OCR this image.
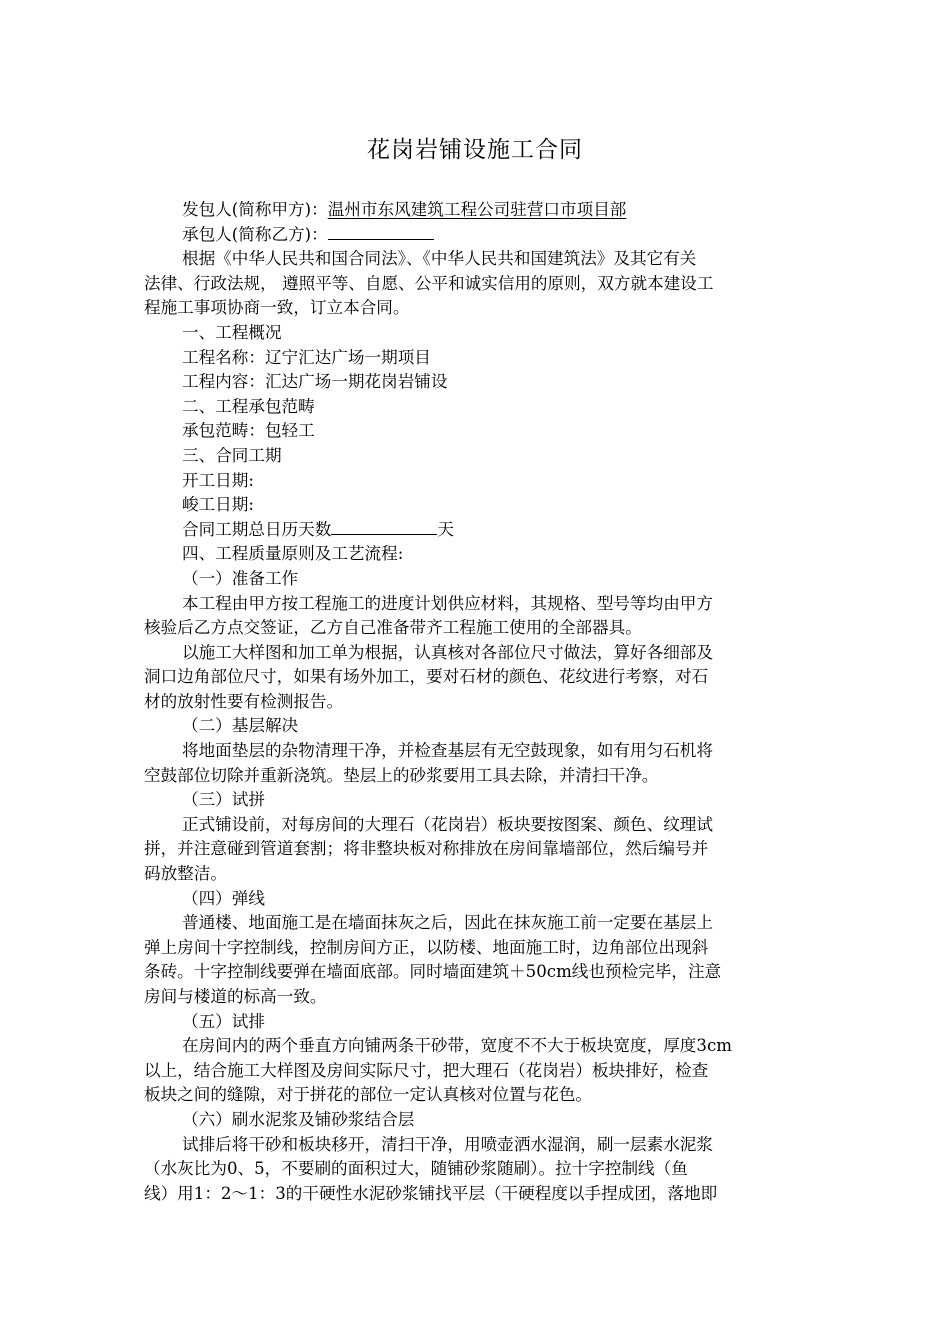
花岗岩铺设施工合同
发包人(简称甲方)：温州市东风建筑工程公司驻营口市项目部
承包人(简称乙方)：
根据《中华人民共和国合同法》、《中华人民共和国建筑法》及其它有关
法律、行政法规， 遵照平等、自愿、公平和诚实信用的原则，双方就本建设工
程施工事项协商一致，订立本合同。
一、工程概况
工程名称：辽宁汇达广场一期项目
工程内容：汇达广场一期花岗岩铺设
二、工程承包范畴
承包范畴：包轻工
三、合同工期
开工日期:
峻工日期:
合同工期总日历天数	天
四、工程质量原则及工艺流程:
（一）准备工作
本工程由甲方按工程施工的进度计划供应材料，其规格、型号等均由甲方
核验后乙方点交签证，乙方自己准备带齐工程施工使用的全部器具。
以施工大样图和加工单为根据，认真核对各部位尺寸做法，算好各细部及
洞口边角部位尺寸，如果有场外加工，要对石材的颜色、花纹进行考察，对石
材的放射性要有检测报告。
（二）基层解决
将地面垫层的杂物清理干净，并检查基层有无空鼓现象，如有用匀石机将
空鼓部位切除并重新浇筑。垫层上的砂浆要用工具去除，并清扫干净。
（三）试拼
正式铺设前，对每房间的大理石（花岗岩）板块要按图案、颜色、纹理试
拼，并注意碰到管道套割；将非整块板对称排放在房间靠墙部位，然后编号并
码放整洁。
（四）弹线
普通楼、地面施工是在墙面抹灰之后，因此在抹灰施工前一定要在基层上
弹上房间十字控制线，控制房间方正，以防楼、地面施工时，边角部位出现斜
条砖。十字控制线要弹在墙面底部。同时墙面建筑＋50cm线也预检完毕，注意
房间与楼道的标高一致。
（五）试排
在房间内的两个垂直方向铺两条干砂带，宽度不不大于板块宽度，厚度3cm
以上，结合施工大样图及房间实际尺寸，把大理石（花岗岩）板块排好，检查
板块之间的缝隙，对于拼花的部位一定认真核对位置与花色。
（六）刷水泥浆及铺砂浆结合层
试排后将干砂和板块移开，清扫干净，用喷壶洒水湿润，刷一层素水泥浆
（水灰比为0、5，不要刷的面积过大，随铺砂浆随刷）。拉十字控制线（鱼
线）用1：2～1：3的干硬性水泥砂浆铺找平层（干硬程度以手捏成团，落地即
